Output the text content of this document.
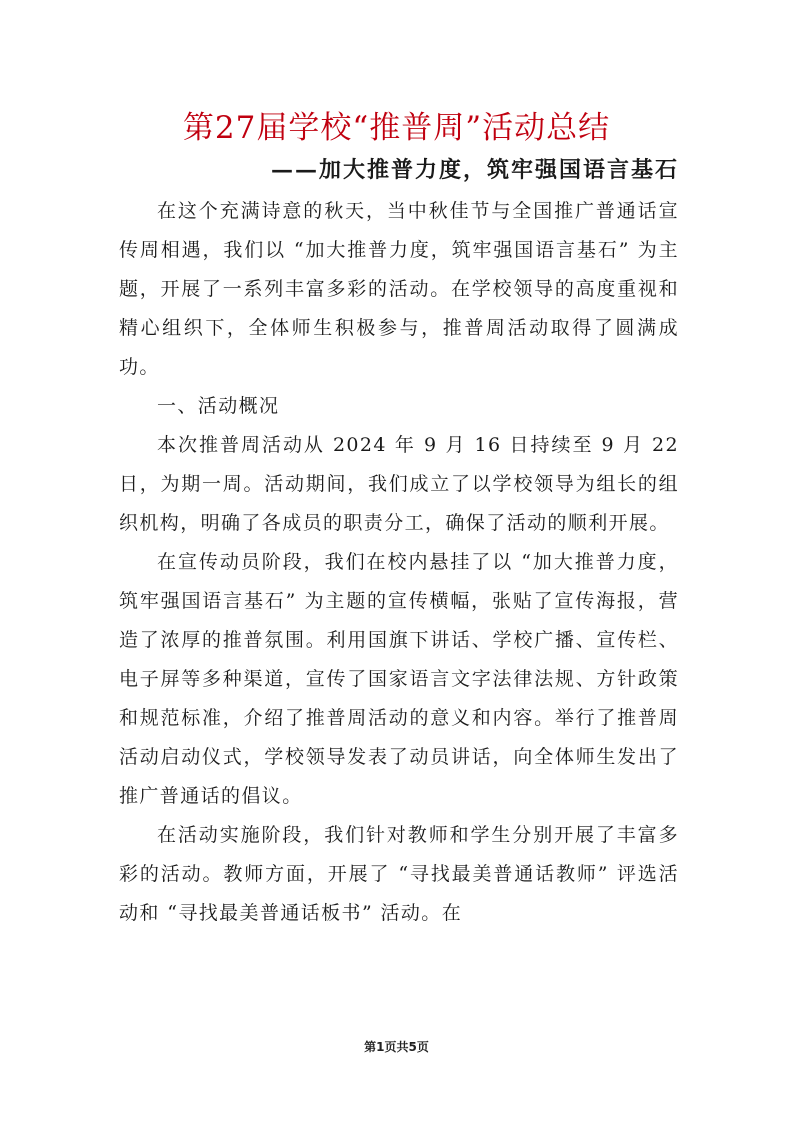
第27届学校“推普周”活动总结
——加大推普力度，筑牢强国语言基石

在这个充满诗意的秋天，当中秋佳节与全国推广普通话宣传周相遇，我们以 “加大推普力度，筑牢强国语言基石” 为主题，开展了一系列丰富多彩的活动。在学校领导的高度重视和精心组织下，全体师生积极参与，推普周活动取得了圆满成功。

一、活动概况

本次推普周活动从 2024 年 9 月 16 日持续至 9 月 22 日，为期一周。活动期间，我们成立了以学校领导为组长的组织机构，明确了各成员的职责分工，确保了活动的顺利开展。

在宣传动员阶段，我们在校内悬挂了以 “加大推普力度，筑牢强国语言基石” 为主题的宣传横幅，张贴了宣传海报，营造了浓厚的推普氛围。利用国旗下讲话、学校广播、宣传栏、电子屏等多种渠道，宣传了国家语言文字法律法规、方针政策和规范标准，介绍了推普周活动的意义和内容。举行了推普周活动启动仪式，学校领导发表了动员讲话，向全体师生发出了推广普通话的倡议。

在活动实施阶段，我们针对教师和学生分别开展了丰富多彩的活动。教师方面，开展了 “寻找最美普通话教师” 评选活动和 “寻找最美普通话板书” 活动。在

第1页共5页
